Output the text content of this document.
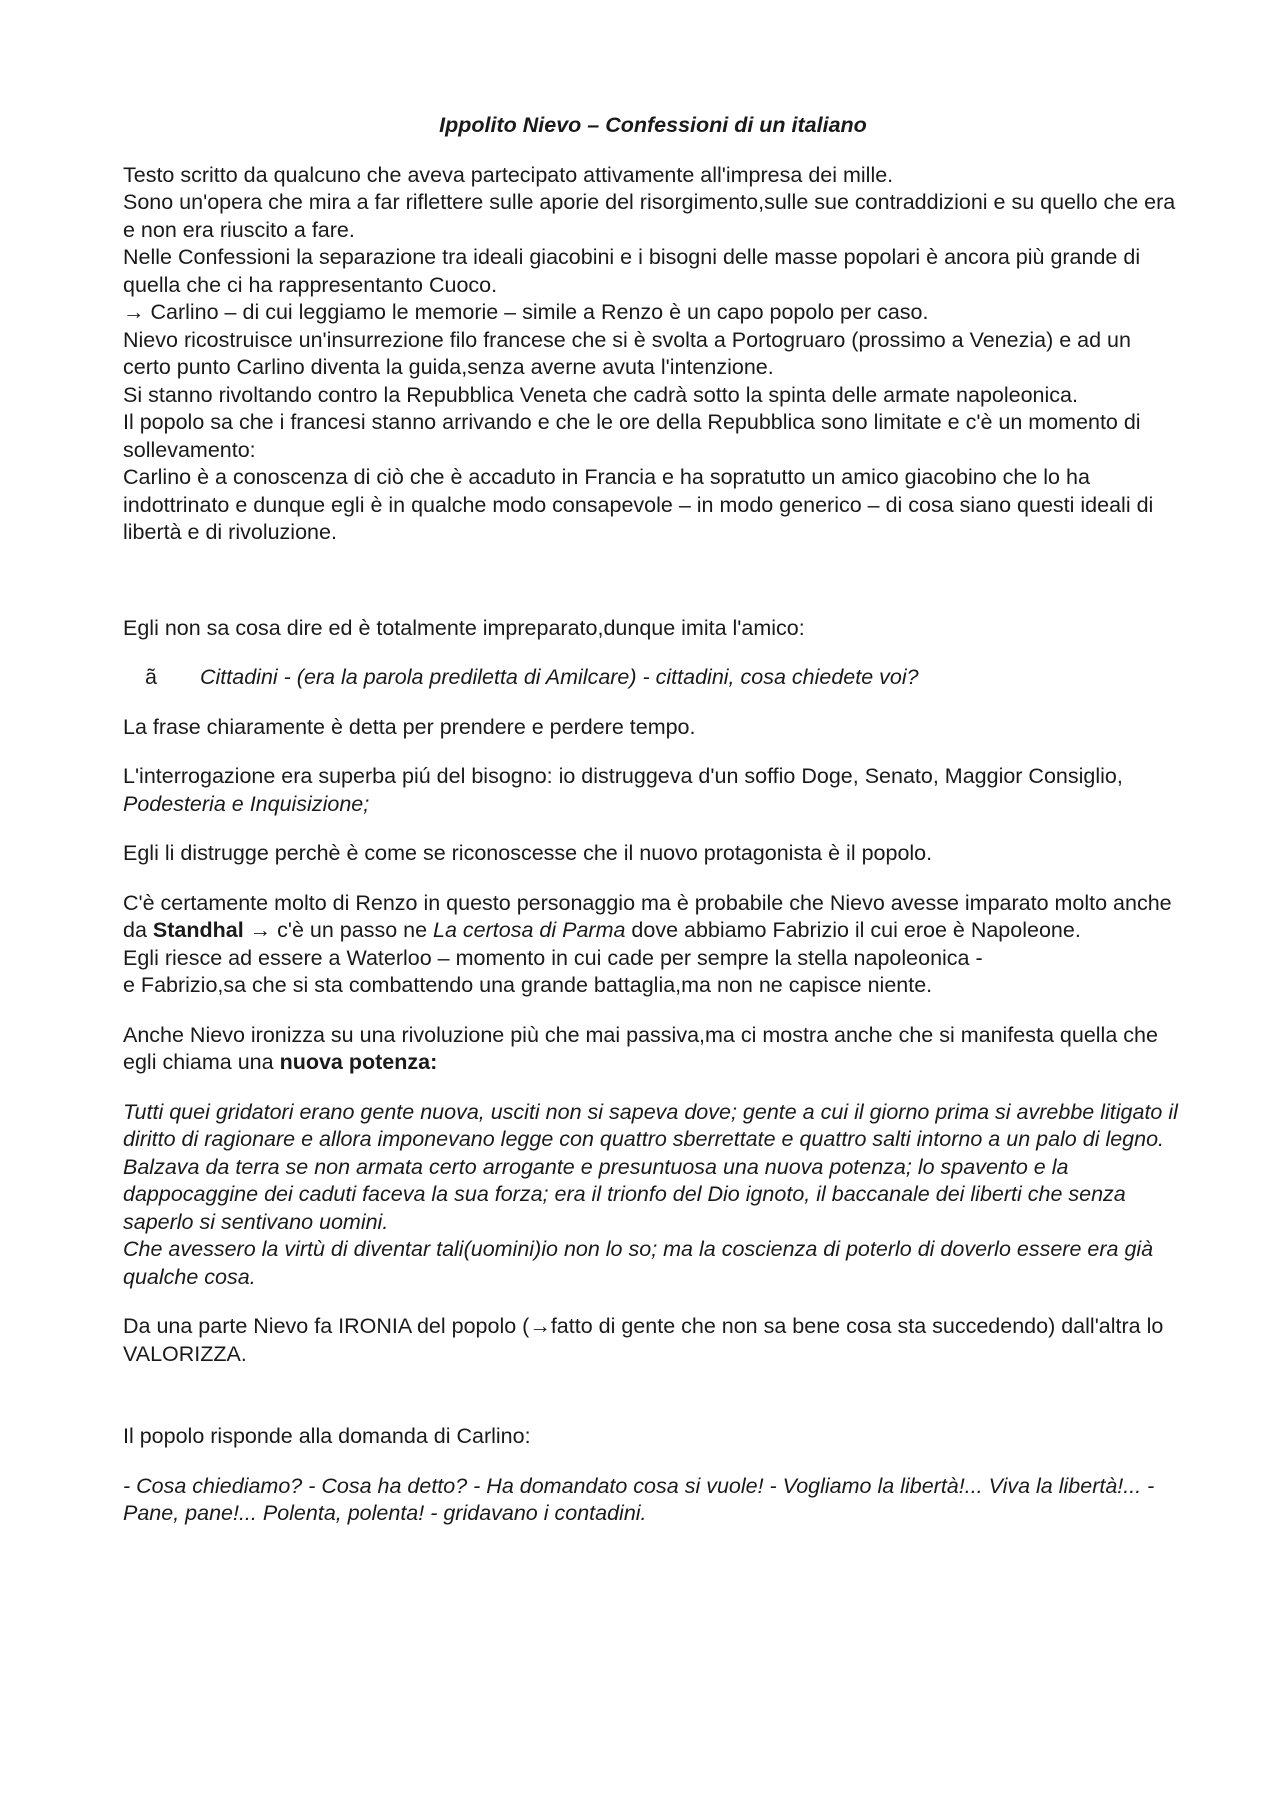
Ippolito Nievo – Confessioni di un italiano

Testo scritto da qualcuno che aveva partecipato attivamente all'impresa dei mille.

Sono un'opera che mira a far riflettere sulle aporie del risorgimento,sulle sue contraddizioni e su quello che era e non era riuscito a fare.

Nelle Confessioni la separazione tra ideali giacobini e i bisogni delle masse popolari è ancora più grande di quella che ci ha rappresentanto Cuoco.

→ Carlino – di cui leggiamo le memorie – simile a Renzo è un capo popolo per caso.

Nievo ricostruisce un'insurrezione filo francese che si è svolta a Portogruaro (prossimo a Venezia) e ad un certo punto Carlino diventa la guida,senza averne avuta l'intenzione.

Si stanno rivoltando contro la Repubblica Veneta che cadrà sotto la spinta delle armate napoleonica.

Il popolo sa che i francesi stanno arrivando e che le ore della Repubblica sono limitate e c'è un momento di sollevamento:

Carlino è a conoscenza di ciò che è accaduto in Francia e ha sopratutto un amico giacobino che lo ha indottrinato e dunque egli è in qualche modo consapevole – in modo generico – di cosa siano questi ideali di libertà e di rivoluzione.

Egli non sa cosa dire ed è totalmente impreparato,dunque imita l'amico:

ã	Cittadini - (era la parola prediletta di Amilcare) - cittadini, cosa chiedete voi?

La frase chiaramente è detta per prendere e perdere tempo.

L'interrogazione era superba piú del bisogno: io distruggeva d'un soffio Doge, Senato, Maggior Consiglio, Podesteria e Inquisizione;

Egli li distrugge perchè è come se riconoscesse che il nuovo protagonista è il popolo.

C'è certamente molto di Renzo in questo personaggio ma è probabile che Nievo avesse imparato molto anche da Standhal → c'è un passo ne La certosa di Parma dove abbiamo Fabrizio il cui eroe è Napoleone.

Egli riesce ad essere a Waterloo – momento in cui cade per sempre la stella napoleonica -

e Fabrizio,sa che si sta combattendo una grande battaglia,ma non ne capisce niente.

Anche Nievo ironizza su una rivoluzione più che mai passiva,ma ci mostra anche che si manifesta quella che egli chiama una nuova potenza:

Tutti quei gridatori erano gente nuova, usciti non si sapeva dove; gente a cui il giorno prima si avrebbe litigato il diritto di ragionare e allora imponevano legge con quattro sberrettate e quattro salti intorno a un palo di legno.

Balzava da terra se non armata certo arrogante e presuntuosa una nuova potenza; lo spavento e la dappocaggine dei caduti faceva la sua forza; era il trionfo del Dio ignoto, il baccanale dei liberti che senza saperlo si sentivano uomini.

Che avessero la virtù di diventar tali(uomini)io non lo so; ma la coscienza di poterlo di doverlo essere era già qualche cosa.

Da una parte Nievo fa IRONIA del popolo (→fatto di gente che non sa bene cosa sta succedendo) dall'altra lo VALORIZZA.

Il popolo risponde alla domanda di Carlino:

- Cosa chiediamo? - Cosa ha detto? - Ha domandato cosa si vuole! - Vogliamo la libertà!... Viva la libertà!... -

Pane, pane!... Polenta, polenta! - gridavano i contadini.
